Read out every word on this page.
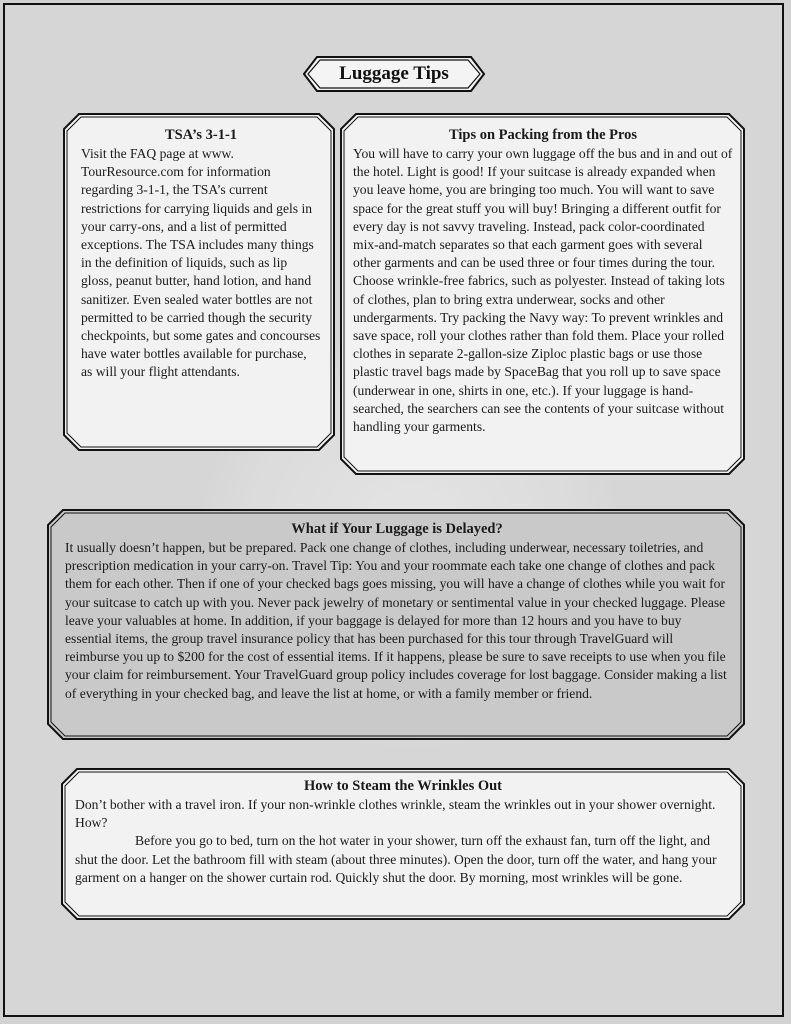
Luggage Tips
TSA’s 3-1-1

Visit the FAQ page at www. TourResource.com for information regarding 3-1-1, the TSA’s current restrictions for carrying liquids and gels in your carry-ons, and a list of permitted exceptions. The TSA includes many things in the definition of liquids, such as lip gloss, peanut butter, hand lotion, and hand sanitizer. Even sealed water bottles are not permitted to be carried though the security checkpoints, but some gates and concourses have water bottles available for purchase, as will your flight attendants.

Tips on Packing from the Pros

You will have to carry your own luggage off the bus and in and out of the hotel. Light is good! If your suitcase is already expanded when you leave home, you are bringing too much. You will want to save space for the great stuff you will buy! Bringing a different outfit for every day is not savvy traveling. Instead, pack color-coordinated mix-and-match separates so that each garment goes with several other garments and can be used three or four times during the tour. Choose wrinkle-free fabrics, such as polyester. Instead of taking lots of clothes, plan to bring extra underwear, socks and other undergarments. Try packing the Navy way: To prevent wrinkles and save space, roll your clothes rather than fold them. Place your rolled clothes in separate 2-gallon-size Ziploc plastic bags or use those plastic travel bags made by SpaceBag that you roll up to save space (underwear in one, shirts in one, etc.). If your luggage is hand-searched, the searchers can see the contents of your suitcase without handling your garments.

What if Your Luggage is Delayed?

It usually doesn’t happen, but be prepared. Pack one change of clothes, including underwear, necessary toiletries, and prescription medication in your carry-on. Travel Tip: You and your roommate each take one change of clothes and pack them for each other. Then if one of your checked bags goes missing, you will have a change of clothes while you wait for your suitcase to catch up with you. Never pack jewelry of monetary or sentimental value in your checked luggage. Please leave your valuables at home. In addition, if your baggage is delayed for more than 12 hours and you have to buy essential items, the group travel insurance policy that has been purchased for this tour through TravelGuard will reimburse you up to $200 for the cost of essential items. If it happens, please be sure to save receipts to use when you file your claim for reimbursement. Your TravelGuard group policy includes coverage for lost baggage. Consider making a list of everything in your checked bag, and leave the list at home, or with a family member or friend.

How to Steam the Wrinkles Out

Don’t bother with a travel iron. If your non-wrinkle clothes wrinkle, steam the wrinkles out in your shower overnight. How?

Before you go to bed, turn on the hot water in your shower, turn off the exhaust fan, turn off the light, and shut the door. Let the bathroom fill with steam (about three minutes). Open the door, turn off the water, and hang your garment on a hanger on the shower curtain rod. Quickly shut the door. By morning, most wrinkles will be gone.
